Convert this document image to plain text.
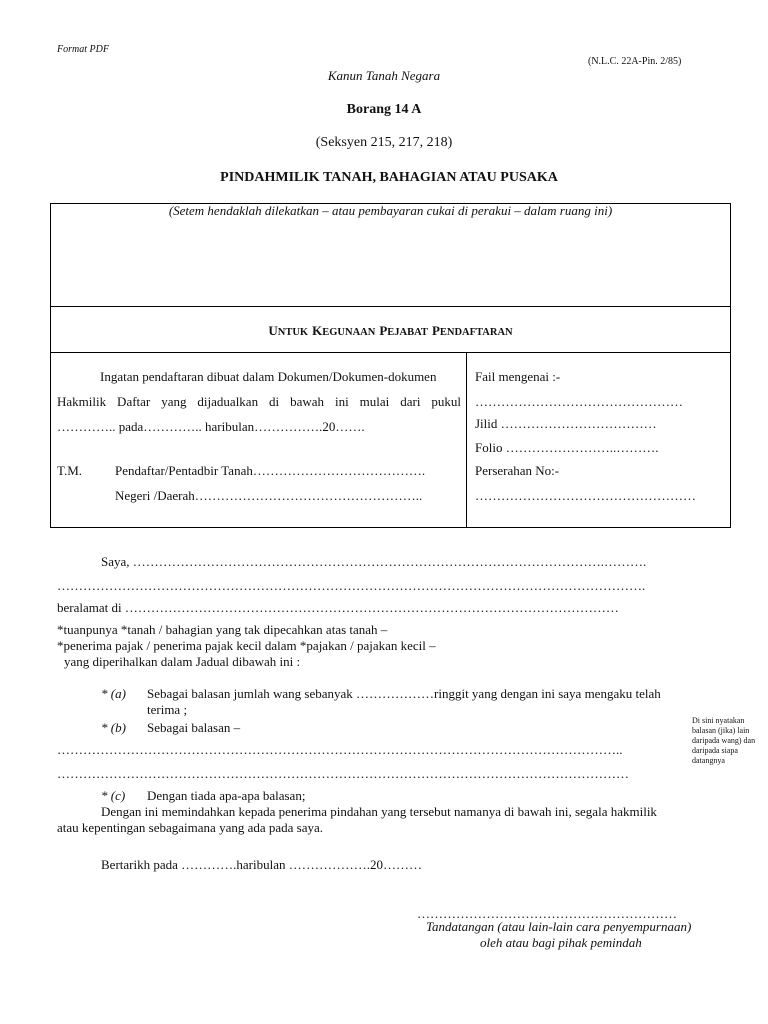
Format PDF
(N.L.C. 22A-Pin. 2/85)
Kanun Tanah Negara
Borang 14 A
(Seksyen 215, 217, 218)
PINDAHMILIK TANAH, BAHAGIAN ATAU PUSAKA
(Setem hendaklah dilekatkan – atau pembayaran cukai di perakui – dalam ruang ini)
UNTUK KEGUNAAN PEJABAT PENDAFTARAN
Ingatan pendaftaran dibuat dalam Dokumen/Dokumen-dokumen
Hakmilik Daftar yang dijadualkan di bawah ini mulai dari pukul
………….. pada………….. haribulan…………….20…….
T.M.	Pendaftar/Pentadbir Tanah………………………………….
Negeri /Daerah……………………………………………..
Fail mengenai :-
…………………………………………
Jilid ………………………………
Folio ……………………..……….
Perserahan No:-
……………………………………………
Saya, ……………………………………………………………………………………………….……….
……………………………………………………………………………………………………………………….
beralamat di ……………………………………………………………………………………………………
*tuanpunya *tanah / bahagian yang tak dipecahkan atas tanah –
*penerima pajak / penerima pajak kecil dalam *pajakan / pajakan kecil –
yang diperihalkan dalam Jadual dibawah ini :
* (a) Sebagai balasan jumlah wang sebanyak ………………ringgit yang dengan ini saya mengaku telah
terima ;
* (b) Sebagai balasan –
…………………………………………………………………………………………………………………..
……………………………………………………………………………………………………………………
Di sini nyatakan balasan (jika) lain daripada wang) dan daripada siapa datangnya
* (c) Dengan tiada apa-apa balasan;
Dengan ini memindahkan kepada penerima pindahan yang tersebut namanya di bawah ini, segala hakmilik
atau kepentingan sebagaimana yang ada pada saya.
Bertarikh pada ………….haribulan ……………….20………
……………………………………………………
Tandatangan (atau lain-lain cara penyempurnaan)
oleh atau bagi pihak pemindah
